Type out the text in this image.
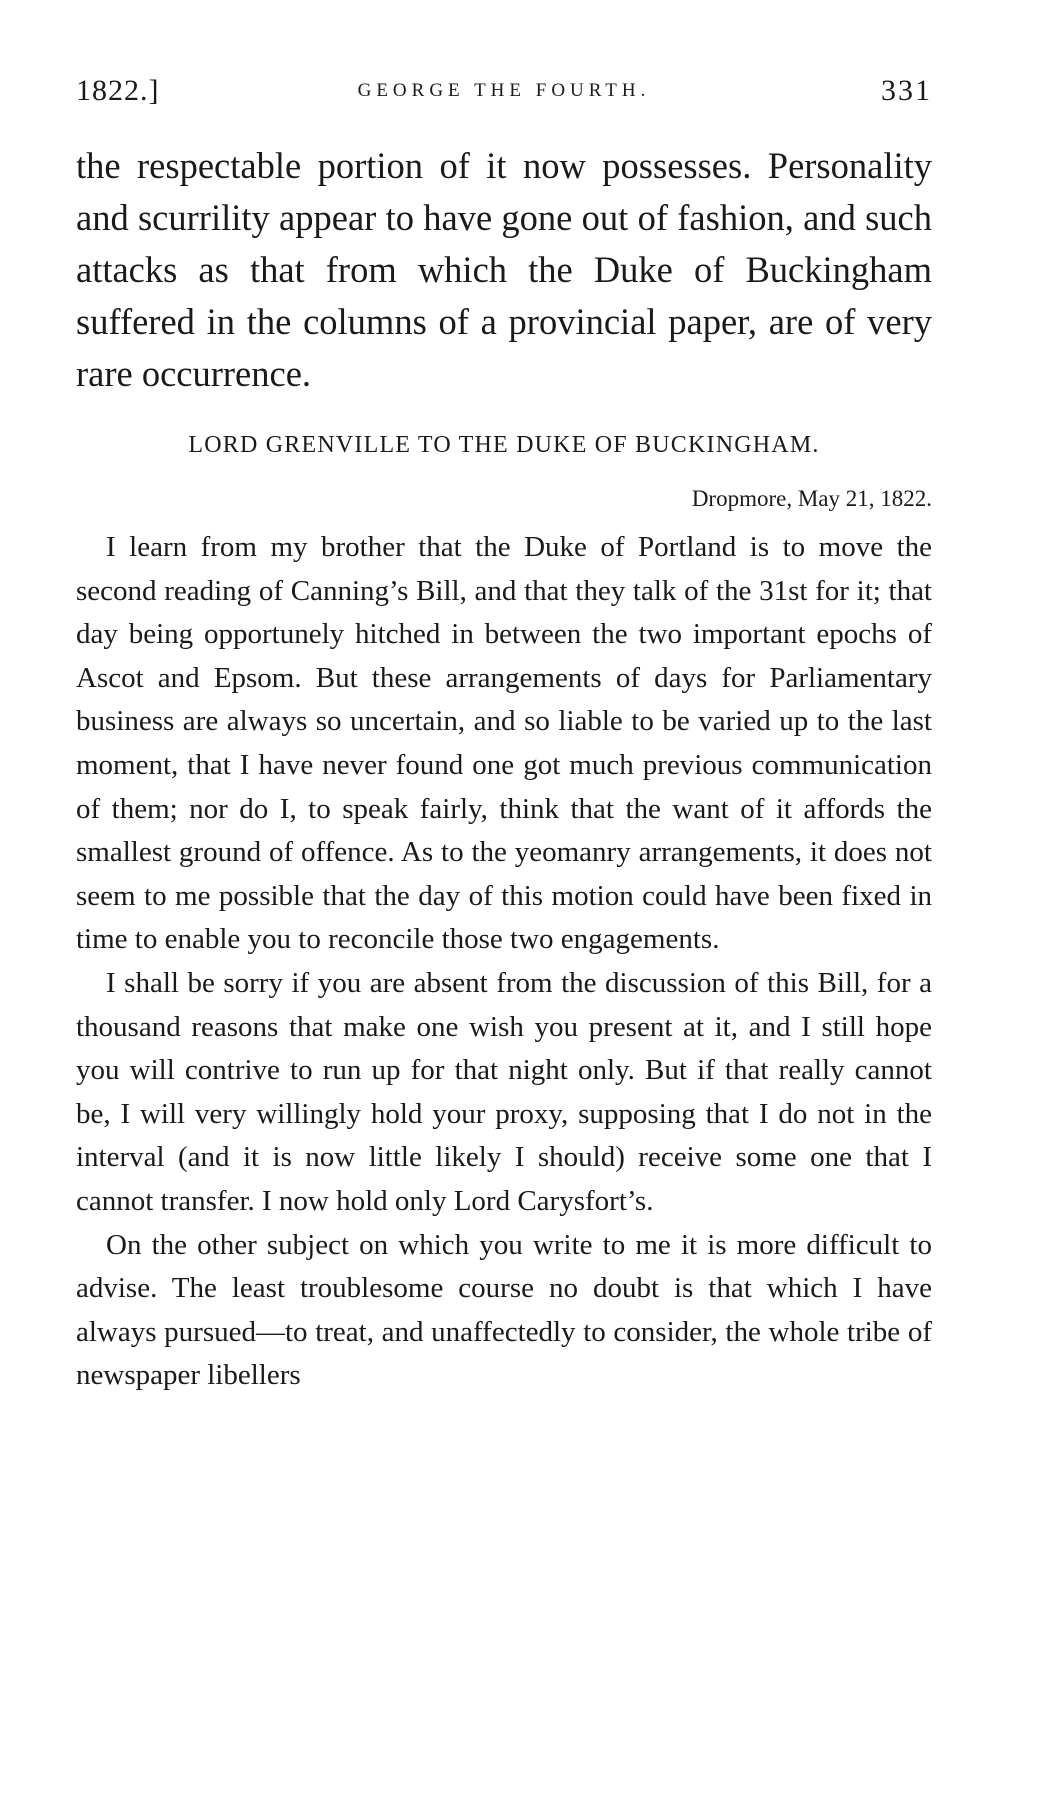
1822.]	GEORGE THE FOURTH.	331

the respectable portion of it now possesses. Personality and scurrility appear to have gone out of fashion, and such attacks as that from which the Duke of Buckingham suffered in the columns of a provincial paper, are of very rare occurrence.

LORD GRENVILLE TO THE DUKE OF BUCKINGHAM.

Dropmore, May 21, 1822.

I learn from my brother that the Duke of Portland is to move the second reading of Canning’s Bill, and that they talk of the 31st for it; that day being opportunely hitched in between the two important epochs of Ascot and Epsom. But these arrangements of days for Parliamentary business are always so uncertain, and so liable to be varied up to the last moment, that I have never found one got much previous communication of them; nor do I, to speak fairly, think that the want of it affords the smallest ground of offence. As to the yeomanry arrangements, it does not seem to me possible that the day of this motion could have been fixed in time to enable you to reconcile those two engagements.

I shall be sorry if you are absent from the discussion of this Bill, for a thousand reasons that make one wish you present at it, and I still hope you will contrive to run up for that night only. But if that really cannot be, I will very willingly hold your proxy, supposing that I do not in the interval (and it is now little likely I should) receive some one that I cannot transfer. I now hold only Lord Carysfort’s.

On the other subject on which you write to me it is more difficult to advise. The least troublesome course no doubt is that which I have always pursued—to treat, and unaffectedly to consider, the whole tribe of newspaper libellers
